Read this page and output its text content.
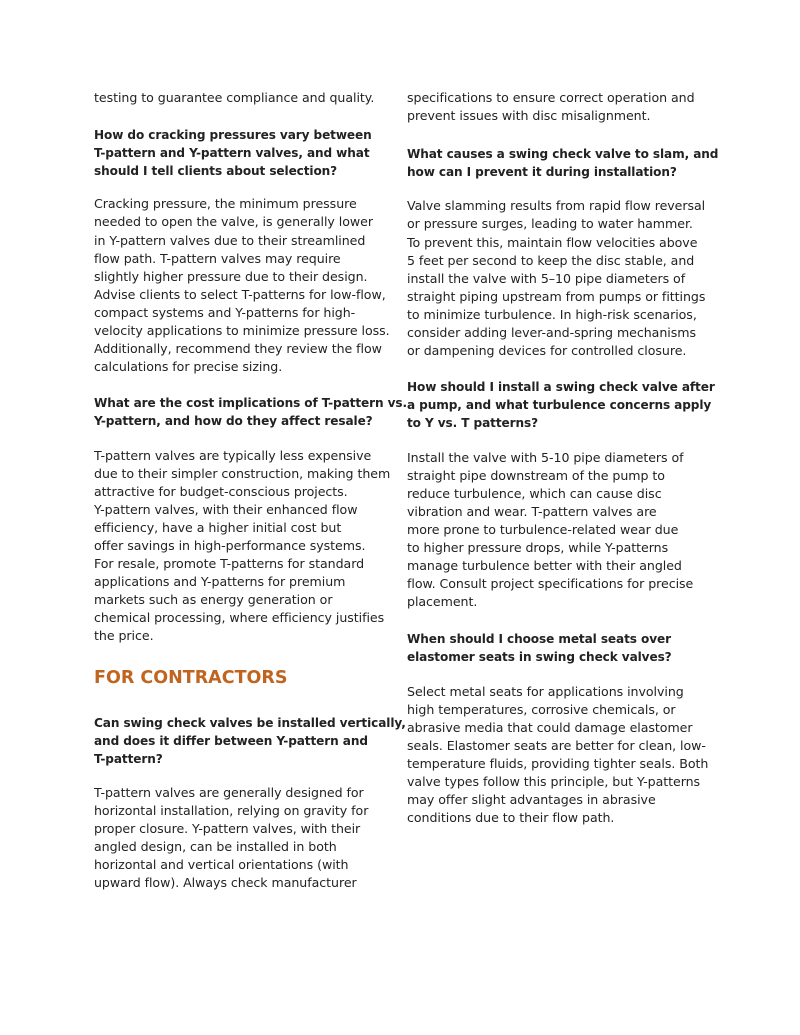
testing to guarantee compliance and quality.

How do cracking pressures vary between
T-pattern and Y-pattern valves, and what
should I tell clients about selection?

Cracking pressure, the minimum pressure
needed to open the valve, is generally lower
in Y-pattern valves due to their streamlined
flow path. T-pattern valves may require
slightly higher pressure due to their design.
Advise clients to select T-patterns for low-flow,
compact systems and Y-patterns for high-
velocity applications to minimize pressure loss.
Additionally, recommend they review the flow
calculations for precise sizing.

What are the cost implications of T-pattern vs.
Y-pattern, and how do they affect resale?

T-pattern valves are typically less expensive
due to their simpler construction, making them
attractive for budget-conscious projects.
Y-pattern valves, with their enhanced flow
efficiency, have a higher initial cost but
offer savings in high-performance systems.
For resale, promote T-patterns for standard
applications and Y-patterns for premium
markets such as energy generation or
chemical processing, where efficiency justifies
the price.

FOR CONTRACTORS
Can swing check valves be installed vertically,
and does it differ between Y-pattern and
T-pattern?

T-pattern valves are generally designed for
horizontal installation, relying on gravity for
proper closure. Y-pattern valves, with their
angled design, can be installed in both
horizontal and vertical orientations (with
upward flow). Always check manufacturer

specifications to ensure correct operation and
prevent issues with disc misalignment.

What causes a swing check valve to slam, and
how can I prevent it during installation?

Valve slamming results from rapid flow reversal
or pressure surges, leading to water hammer.
To prevent this, maintain flow velocities above
5 feet per second to keep the disc stable, and
install the valve with 5–10 pipe diameters of
straight piping upstream from pumps or fittings
to minimize turbulence. In high-risk scenarios,
consider adding lever-and-spring mechanisms
or dampening devices for controlled closure.

How should I install a swing check valve after
a pump, and what turbulence concerns apply
to Y vs. T patterns?

Install the valve with 5-10 pipe diameters of
straight pipe downstream of the pump to
reduce turbulence, which can cause disc
vibration and wear. T-pattern valves are
more prone to turbulence-related wear due
to higher pressure drops, while Y-patterns
manage turbulence better with their angled
flow. Consult project specifications for precise
placement.

When should I choose metal seats over
elastomer seats in swing check valves?

Select metal seats for applications involving
high temperatures, corrosive chemicals, or
abrasive media that could damage elastomer
seals. Elastomer seats are better for clean, low-
temperature fluids, providing tighter seals. Both
valve types follow this principle, but Y-patterns
may offer slight advantages in abrasive
conditions due to their flow path.
